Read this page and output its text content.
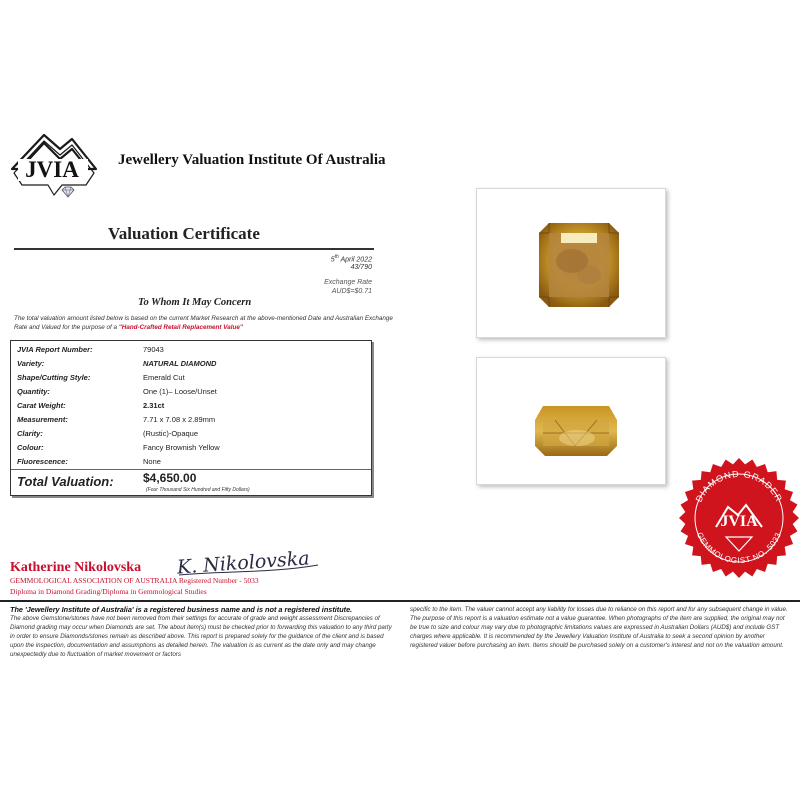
JVIA	Jewellery Valuation Institute Of Australia
Valuation Certificate
5th April 2022
43/790
Exchange Rate
AUD$=$0.71
To Whom It May Concern
The total valuation amount listed below is based on the current Market Research at the above-mentioned Date and Australian Exchange Rate and Valued for the purpose of a "Hand-Crafted Retail Replacement Value"
JVIA Report Number:	79043
Variety:	NATURAL DIAMOND
Shape/Cutting Style:	Emerald Cut
Quantity:	One (1)– Loose/Unset
Carat Weight:	2.31ct
Measurement:	7.71 x 7.08 x 2.89mm
Clarity:	(Rustic)-Opaque
Colour:	Fancy Brownish Yellow
Fluorescence:	None
Total Valuation: $4,650.00
(Four Thousand Six Hundred and Fifty Dollars)
Katherine Nikolovska K. Nikolovska
GEMMOLOGICAL ASSOCIATION OF AUSTRALIA Registered Number - 5033
Diploma in Diamond Grading/Diploma in Gemmological Studies
The 'Jewellery Institute of Australia' is a registered business name and is not a registered institute.
The above Gemstone/stones have not been removed from their settings for accurate of grade and weight assessment Discrepancies of Diamond grading may occur when Diamonds are set. The about item(s) must be checked prior to forwarding this valuation to any third party in order to ensure Diamonds/stones remain as described above. This report is prepared solely for the guidance of the client and is based upon the inspection, documentation and assumptions as detailed herein. The valuation is as current as the date only and may change unexpectedly due to fluctuation of market movement or factors
specific to the item. The valuer cannot accept any liability for losses due to reliance on this report and for any subsequent change in value. The purpose of this report is a valuation estimate not a value guarantee. When photographs of the item are supplied, the original may not be true to size and colour may vary due to photographic limitations values are expressed in Australian Dollars (AUD$) and include GST charges where applicable. It is recommended by the Jewellery Valuation Institute of Australia to seek a second opinion by another registered valuer before purchasing an item. Items should be purchased solely on a customer's interest and not on the valuation amount.
DIAMOND GRADER
GEMMOLOGIST NO. 5033
JVIA
